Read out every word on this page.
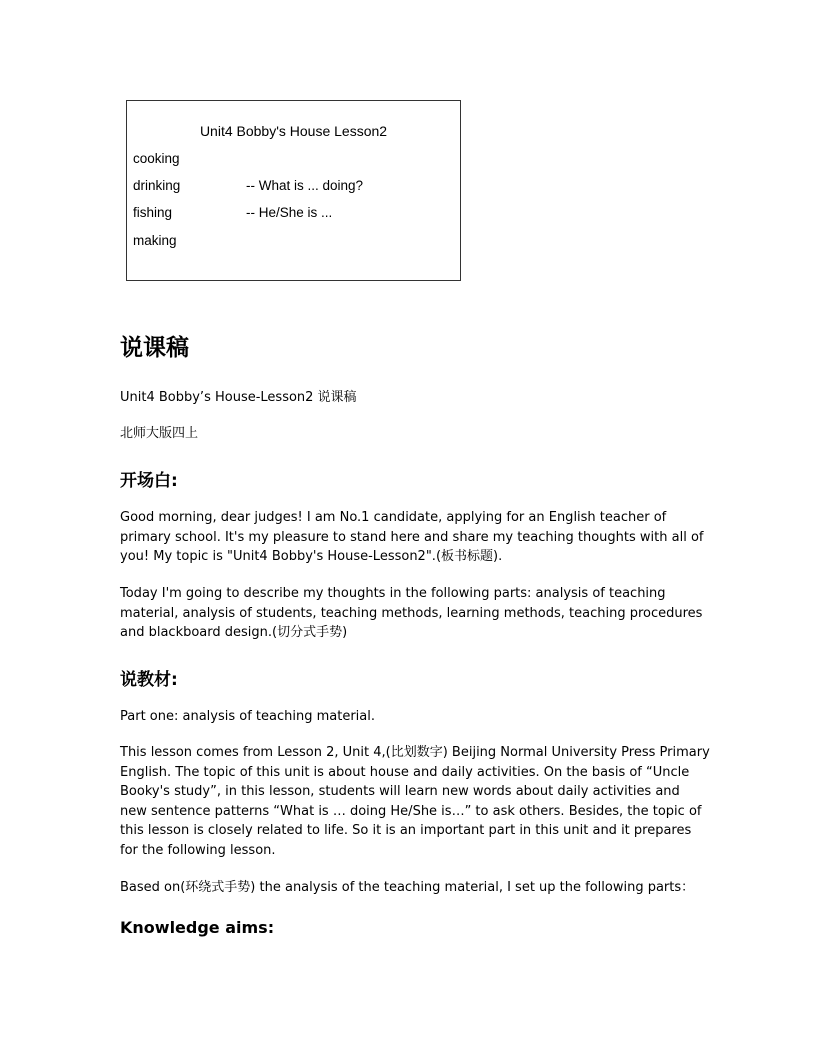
Unit4 Bobby's House Lesson2
cooking
drinking
fishing
making
-- What is ... doing?
-- He/She is ...
说课稿

Unit4 Bobby’s House-Lesson2 说课稿

北师大版四上

开场白:

Good morning, dear judges! I am No.1 candidate, applying for an English teacher of primary school. It's my pleasure to stand here and share my teaching thoughts with all of you! My topic is "Unit4 Bobby's House-Lesson2".(板书标题).

Today I'm going to describe my thoughts in the following parts: analysis of teaching material, analysis of students, teaching methods, learning methods, teaching procedures and blackboard design.(切分式手势)

说教材:

Part one: analysis of teaching material.

This lesson comes from Lesson 2, Unit 4,(比划数字) Beijing Normal University Press Primary English. The topic of this unit is about house and daily activities. On the basis of “Uncle Booky's study”, in this lesson, students will learn new words about daily activities and new sentence patterns “What is … doing He/She is…” to ask others. Besides, the topic of this lesson is closely related to life. So it is an important part in this unit and it prepares for the following lesson.

Based on(环绕式手势) the analysis of the teaching material, I set up the following parts：

Knowledge aims:
